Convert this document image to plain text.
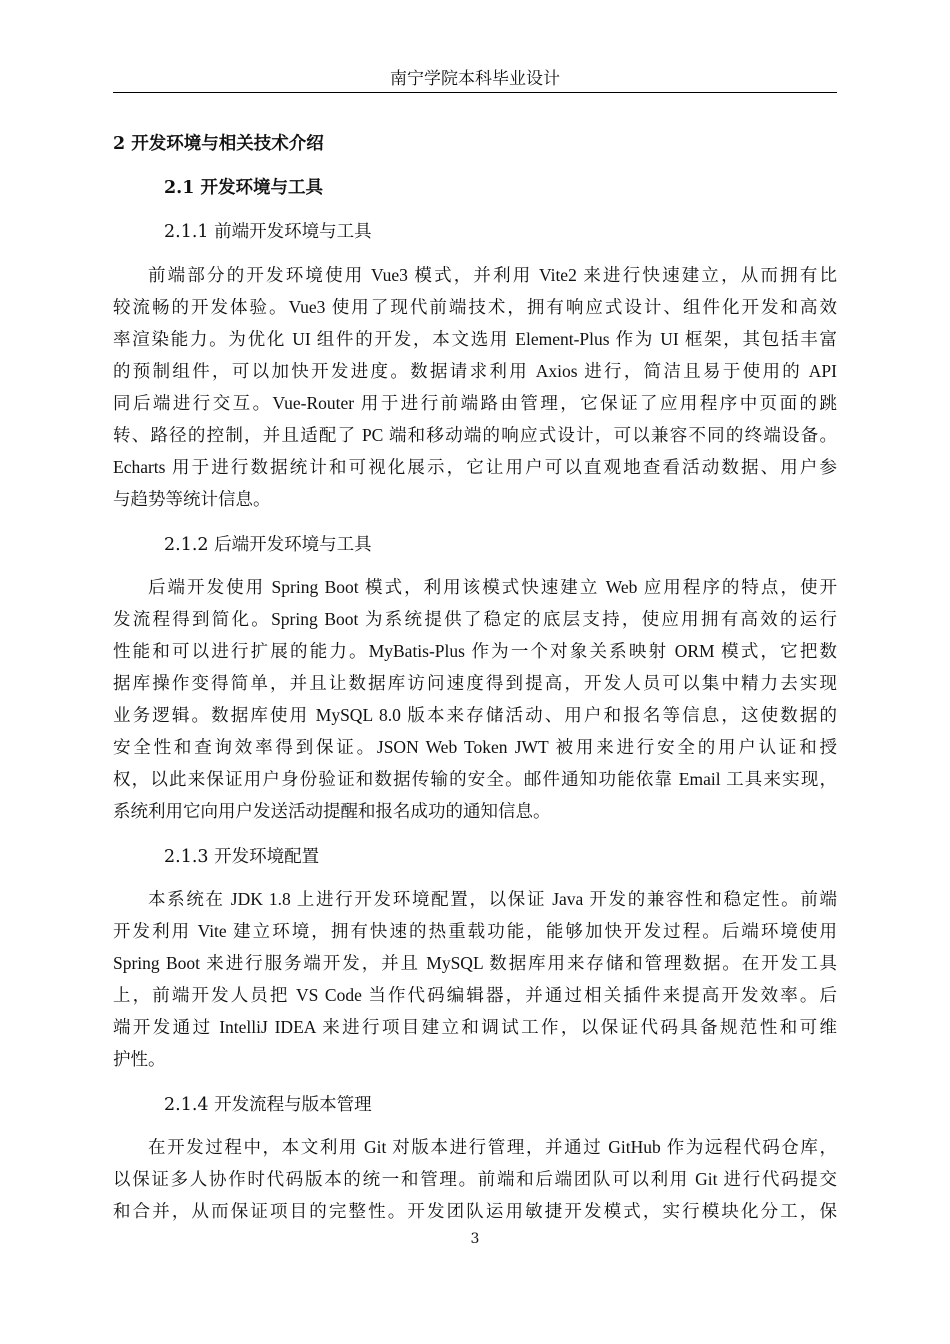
南宁学院本科毕业设计
2 开发环境与相关技术介绍
2.1 开发环境与工具
2.1.1 前端开发环境与工具
前端部分的开发环境使用 Vue3 模式，并利用 Vite2 来进行快速建立，从而拥有比
较流畅的开发体验。Vue3 使用了现代前端技术，拥有响应式设计、组件化开发和高效
率渲染能力。为优化 UI 组件的开发，本文选用 Element-Plus 作为 UI 框架，其包括丰富
的预制组件，可以加快开发进度。数据请求利用 Axios 进行，简洁且易于使用的 API
同后端进行交互。Vue-Router 用于进行前端路由管理，它保证了应用程序中页面的跳
转、路径的控制，并且适配了 PC 端和移动端的响应式设计，可以兼容不同的终端设备。
Echarts 用于进行数据统计和可视化展示，它让用户可以直观地查看活动数据、用户参
与趋势等统计信息。
2.1.2 后端开发环境与工具
后端开发使用 Spring Boot 模式，利用该模式快速建立 Web 应用程序的特点，使开
发流程得到简化。Spring Boot 为系统提供了稳定的底层支持，使应用拥有高效的运行
性能和可以进行扩展的能力。MyBatis-Plus 作为一个对象关系映射 ORM 模式，它把数
据库操作变得简单，并且让数据库访问速度得到提高，开发人员可以集中精力去实现
业务逻辑。数据库使用 MySQL 8.0 版本来存储活动、用户和报名等信息，这使数据的
安全性和查询效率得到保证。JSON Web Token JWT 被用来进行安全的用户认证和授
权，以此来保证用户身份验证和数据传输的安全。邮件通知功能依靠 Email 工具来实现，
系统利用它向用户发送活动提醒和报名成功的通知信息。
2.1.3 开发环境配置
本系统在 JDK 1.8 上进行开发环境配置，以保证 Java 开发的兼容性和稳定性。前端
开发利用 Vite 建立环境，拥有快速的热重载功能，能够加快开发过程。后端环境使用
Spring Boot 来进行服务端开发，并且 MySQL 数据库用来存储和管理数据。在开发工具
上，前端开发人员把 VS Code 当作代码编辑器，并通过相关插件来提高开发效率。后
端开发通过 IntelliJ IDEA 来进行项目建立和调试工作，以保证代码具备规范性和可维
护性。
2.1.4 开发流程与版本管理
在开发过程中，本文利用 Git 对版本进行管理，并通过 GitHub 作为远程代码仓库，
以保证多人协作时代码版本的统一和管理。前端和后端团队可以利用 Git 进行代码提交
和合并，从而保证项目的完整性。开发团队运用敏捷开发模式，实行模块化分工，保
3
